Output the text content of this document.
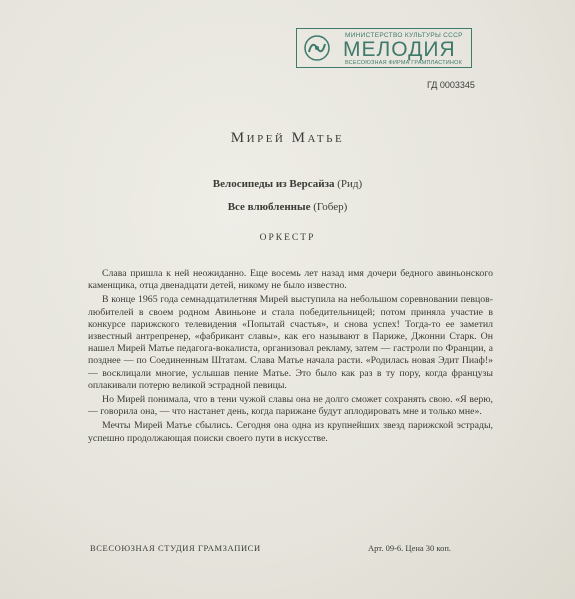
МИНИСТЕРСТВО КУЛЬТУРЫ СССР
МЕЛОДИЯ
ВСЕСОЮЗНАЯ ФИРМА ГРАМПЛАСТИНОК
ГД 0003345
Мирей Матье
Велосипеды из Версайза (Рид)
Все влюбленные (Гобер)
ОРКЕСТР

Слава пришла к ней неожиданно. Еще восемь лет назад имя дочери бедного авиньонского каменщика, отца двенадцати детей, никому не было известно.

В конце 1965 года семнадцатилетняя Мирей выступила на небольшом соревновании певцов-любителей в своем родном Авиньоне и стала победительницей; потом приняла участие в конкурсе парижского телевидения «Попытай счастья», и снова успех! Тогда-то ее заметил известный антрепренер, «фабрикант славы», как его называют в Париже, Джонни Старк. Он нашел Мирей Матье педагога-вокалиста, организовал рекламу, затем — гастроли по Франции, а позднее — по Соединенным Штатам. Слава Матье начала расти. «Родилась новая Эдит Пиаф!» — восклицали многие, услышав пение Матье. Это было как раз в ту пору, когда французы оплакивали потерю великой эстрадной певицы.

Но Мирей понимала, что в тени чужой славы она не долго сможет сохранять свою. «Я верю, — говорила она, — что настанет день, когда парижане будут аплодировать мне и только мне».

Мечты Мирей Матье сбылись. Сегодня она одна из крупнейших звезд парижской эстрады, успешно продолжающая поиски своего пути в искусстве.

ВСЕСОЮЗНАЯ СТУДИЯ ГРАМЗАПИСИ	Арт. 09-6. Цена 30 коп.
